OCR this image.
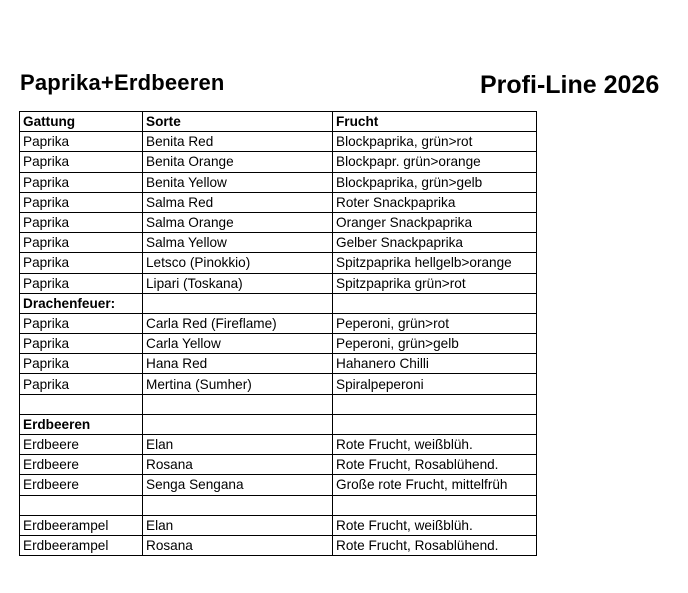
Paprika+Erdbeeren	Profi-Line 2026
Gattung	Sorte	Frucht
Paprika	Benita Red	Blockpaprika, grün>rot
Paprika	Benita Orange	Blockpapr. grün>orange
Paprika	Benita Yellow	Blockpaprika, grün>gelb
Paprika	Salma Red	Roter Snackpaprika
Paprika	Salma Orange	Oranger Snackpaprika
Paprika	Salma Yellow	Gelber Snackpaprika
Paprika	Letsco (Pinokkio)	Spitzpaprika hellgelb>orange
Paprika	Lipari (Toskana)	Spitzpaprika grün>rot
Drachenfeuer:		
Paprika	Carla Red (Fireflame)	Peperoni, grün>rot
Paprika	Carla Yellow	Peperoni, grün>gelb
Paprika	Hana Red	Hahanero Chilli
Paprika	Mertina (Sumher)	Spiralpeperoni

Erdbeeren		
Erdbeere	Elan	Rote Frucht, weißblüh.
Erdbeere	Rosana	Rote Frucht, Rosablühend.
Erdbeere	Senga Sengana	Große rote Frucht, mittelfrüh

Erdbeerampel	Elan	Rote Frucht, weißblüh.
Erdbeerampel	Rosana	Rote Frucht, Rosablühend.
